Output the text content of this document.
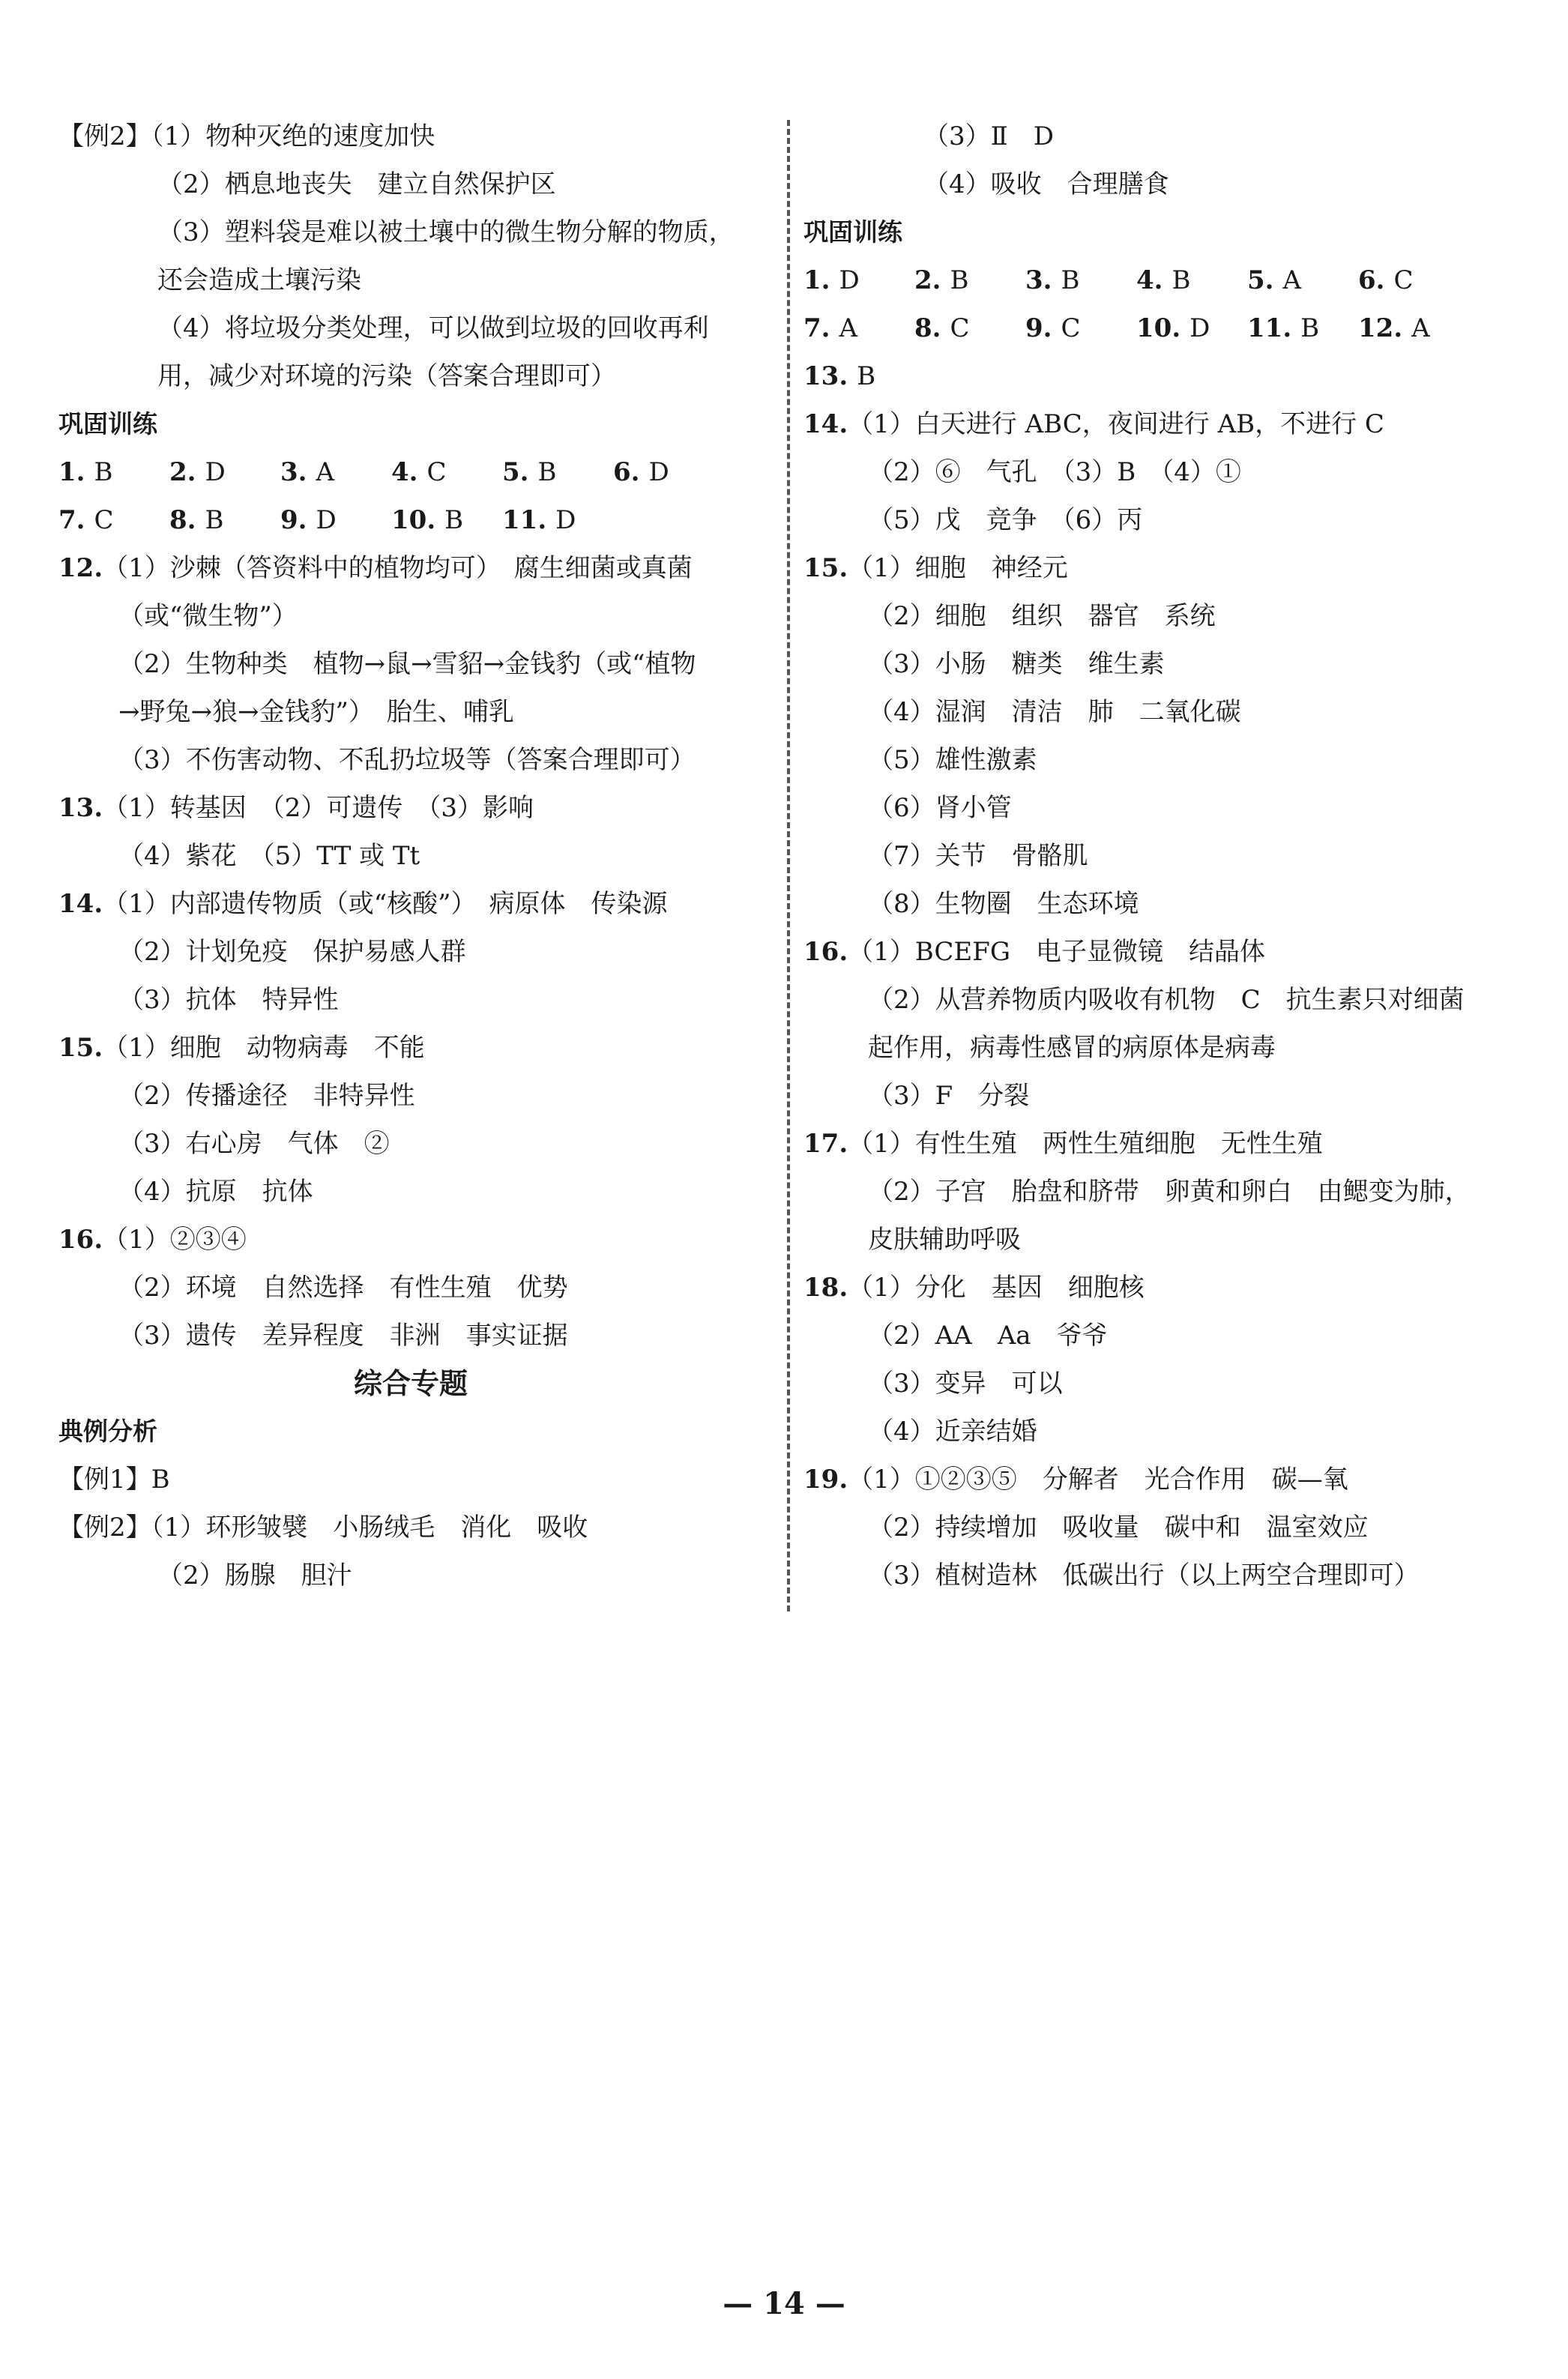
【例2】（1）物种灭绝的速度加快
（2）栖息地丧失　建立自然保护区
（3）塑料袋是难以被土壤中的微生物分解的物质，
还会造成土壤污染
（4）将垃圾分类处理，可以做到垃圾的回收再利
用，减少对环境的污染（答案合理即可）
巩固训练
1. B	2. D	3. A	4. C	5. B	6. D
7. C	8. B	9. D	10. B	11. D
12.（1）沙棘（答资料中的植物均可）　腐生细菌或真菌
（或“微生物”）
（2）生物种类　植物→鼠→雪貂→金钱豹（或“植物
→野兔→狼→金钱豹”）　胎生、哺乳
（3）不伤害动物、不乱扔垃圾等（答案合理即可）
13.（1）转基因　（2）可遗传　（3）影响
（4）紫花　（5）TT 或 Tt
14.（1）内部遗传物质（或“核酸”）　病原体　传染源
（2）计划免疫　保护易感人群
（3）抗体　特异性
15.（1）细胞　动物病毒　不能
（2）传播途径　非特异性
（3）右心房　气体　②
（4）抗原　抗体
16.（1）②③④
（2）环境　自然选择　有性生殖　优势
（3）遗传　差异程度　非洲　事实证据
综合专题
典例分析
【例1】B
【例2】（1）环形皱襞　小肠绒毛　消化　吸收
（2）肠腺　胆汁
（3）Ⅱ　D
（4）吸收　合理膳食
巩固训练
1. D	2. B	3. B	4. B	5. A	6. C
7. A	8. C	9. C	10. D	11. B	12. A
13. B
14.（1）白天进行 ABC，夜间进行 AB，不进行 C
（2）⑥　气孔　（3）B　（4）①
（5）戊　竞争　（6）丙
15.（1）细胞　神经元
（2）细胞　组织　器官　系统
（3）小肠　糖类　维生素
（4）湿润　清洁　肺　二氧化碳
（5）雄性激素
（6）肾小管
（7）关节　骨骼肌
（8）生物圈　生态环境
16.（1）BCEFG　电子显微镜　结晶体
（2）从营养物质内吸收有机物　C　抗生素只对细菌
起作用，病毒性感冒的病原体是病毒
（3）F　分裂
17.（1）有性生殖　两性生殖细胞　无性生殖
（2）子宫　胎盘和脐带　卵黄和卵白　由鳃变为肺，
皮肤辅助呼吸
18.（1）分化　基因　细胞核
（2）AA　Aa　爷爷
（3）变异　可以
（4）近亲结婚
19.（1）①②③⑤　分解者　光合作用　碳—氧
（2）持续增加　吸收量　碳中和　温室效应
（3）植树造林　低碳出行（以上两空合理即可）
— 14 —
